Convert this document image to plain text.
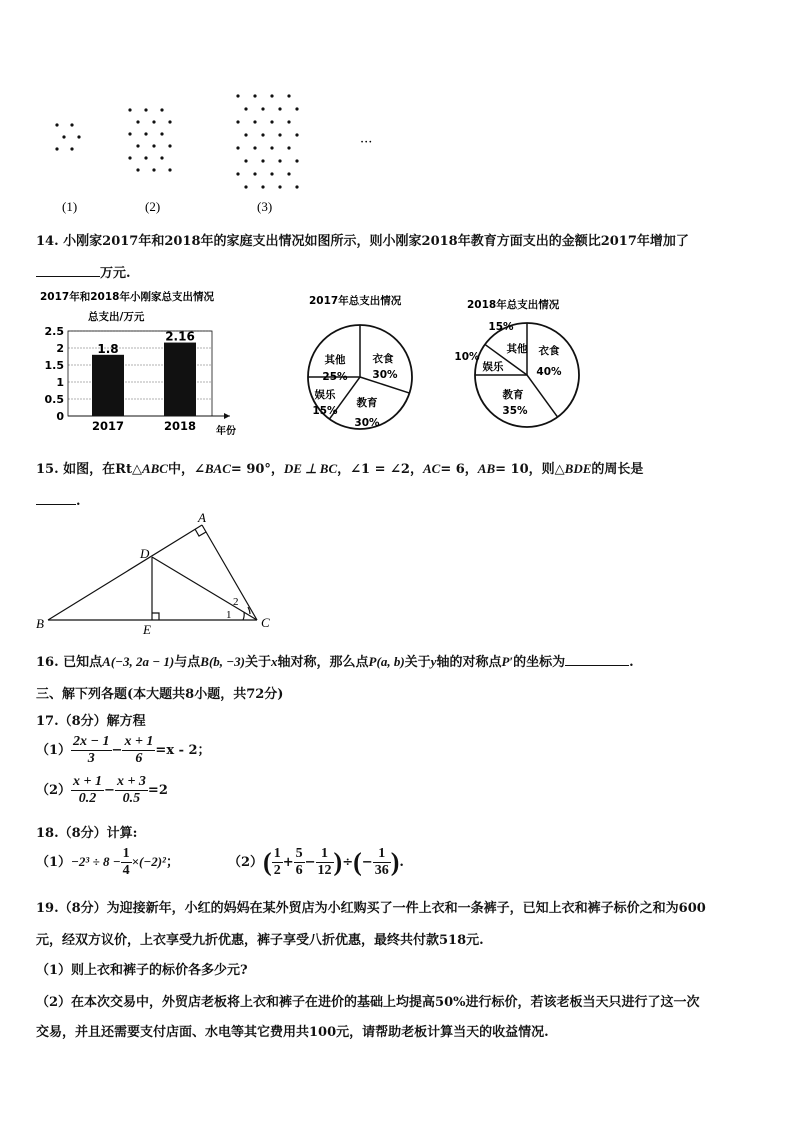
(1)	(2)	(3)
···
14. 小刚家2017年和2018年的家庭支出情况如图所示，则小刚家2018年教育方面支出的金额比2017年增加了
万元.
2017年和2018年小刚家总支出情况
总支出/万元
0
0.5
1
1.5
2
2.5
1.8
2017
2.16
2018 年份
2017年总支出情况
衣食
30%
教育
30%
娱乐
15%
其他
25%
2018年总支出情况
衣食
40%
教育
35%
娱乐
10%
其他
15%
15. 如图，在Rt△ABC中，∠BAC= 90°，DE ⊥ BC，∠1 = ∠2，AC= 6，AB= 10，则△BDE的周长是
.
A
B	C
D
E
1
2
16. 已知点A(−3, 2a − 1)与点B(b, −3)关于x轴对称，那么点P(a, b)关于y轴的对称点P′的坐标为	.
三、解下列各题(本大题共8小题，共72分)
17.（8分）解方程
$(1) \frac{2x - 1}{3} - \frac{x + 1}{6} =x - 2$；
$(2) \frac{x + 1}{0.2} - \frac{x + 3}{0.5} =2$
18.（8分）计算:
$(1)-2^3 \div 8 - \frac{1}{4} \times(-2)^2$；	$(2)( \frac{1}{2} + \frac{5}{6} - \frac{1}{12}$ )÷(− $\frac{1}{36}$ ).
19.（8分）为迎接新年，小红的妈妈在某外贸店为小红购买了一件上衣和一条裤子，已知上衣和裤子标价之和为600
元，经双方议价，上衣享受九折优惠，裤子享受八折优惠，最终共付款518元.
（1）则上衣和裤子的标价各多少元?
（2）在本次交易中，外贸店老板将上衣和裤子在进价的基础上均提高50%进行标价，若该老板当天只进行了这一次
交易，并且还需要支付店面、水电等其它费用共100元，请帮助老板计算当天的收益情况.
